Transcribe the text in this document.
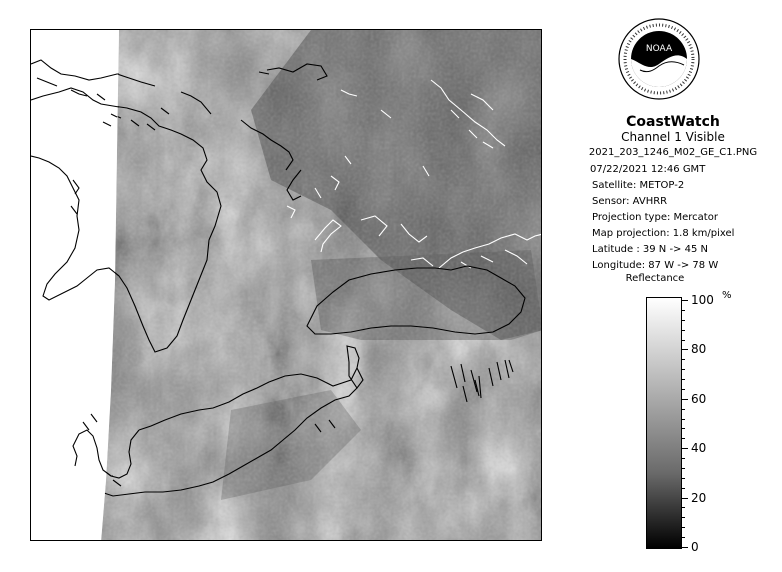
NOAA
CoastWatch
Channel 1 Visible
2021_203_1246_M02_GE_C1.PNG
07/22/2021 12:46 GMT
Satellite: METOP-2
Sensor: AVHRR
Projection type: Mercator
Map projection: 1.8 km/pixel
Latitude : 39 N -> 45 N
Longitude: 87 W -> 78 W
Reflectance
%
100
80
60
40
20
0
